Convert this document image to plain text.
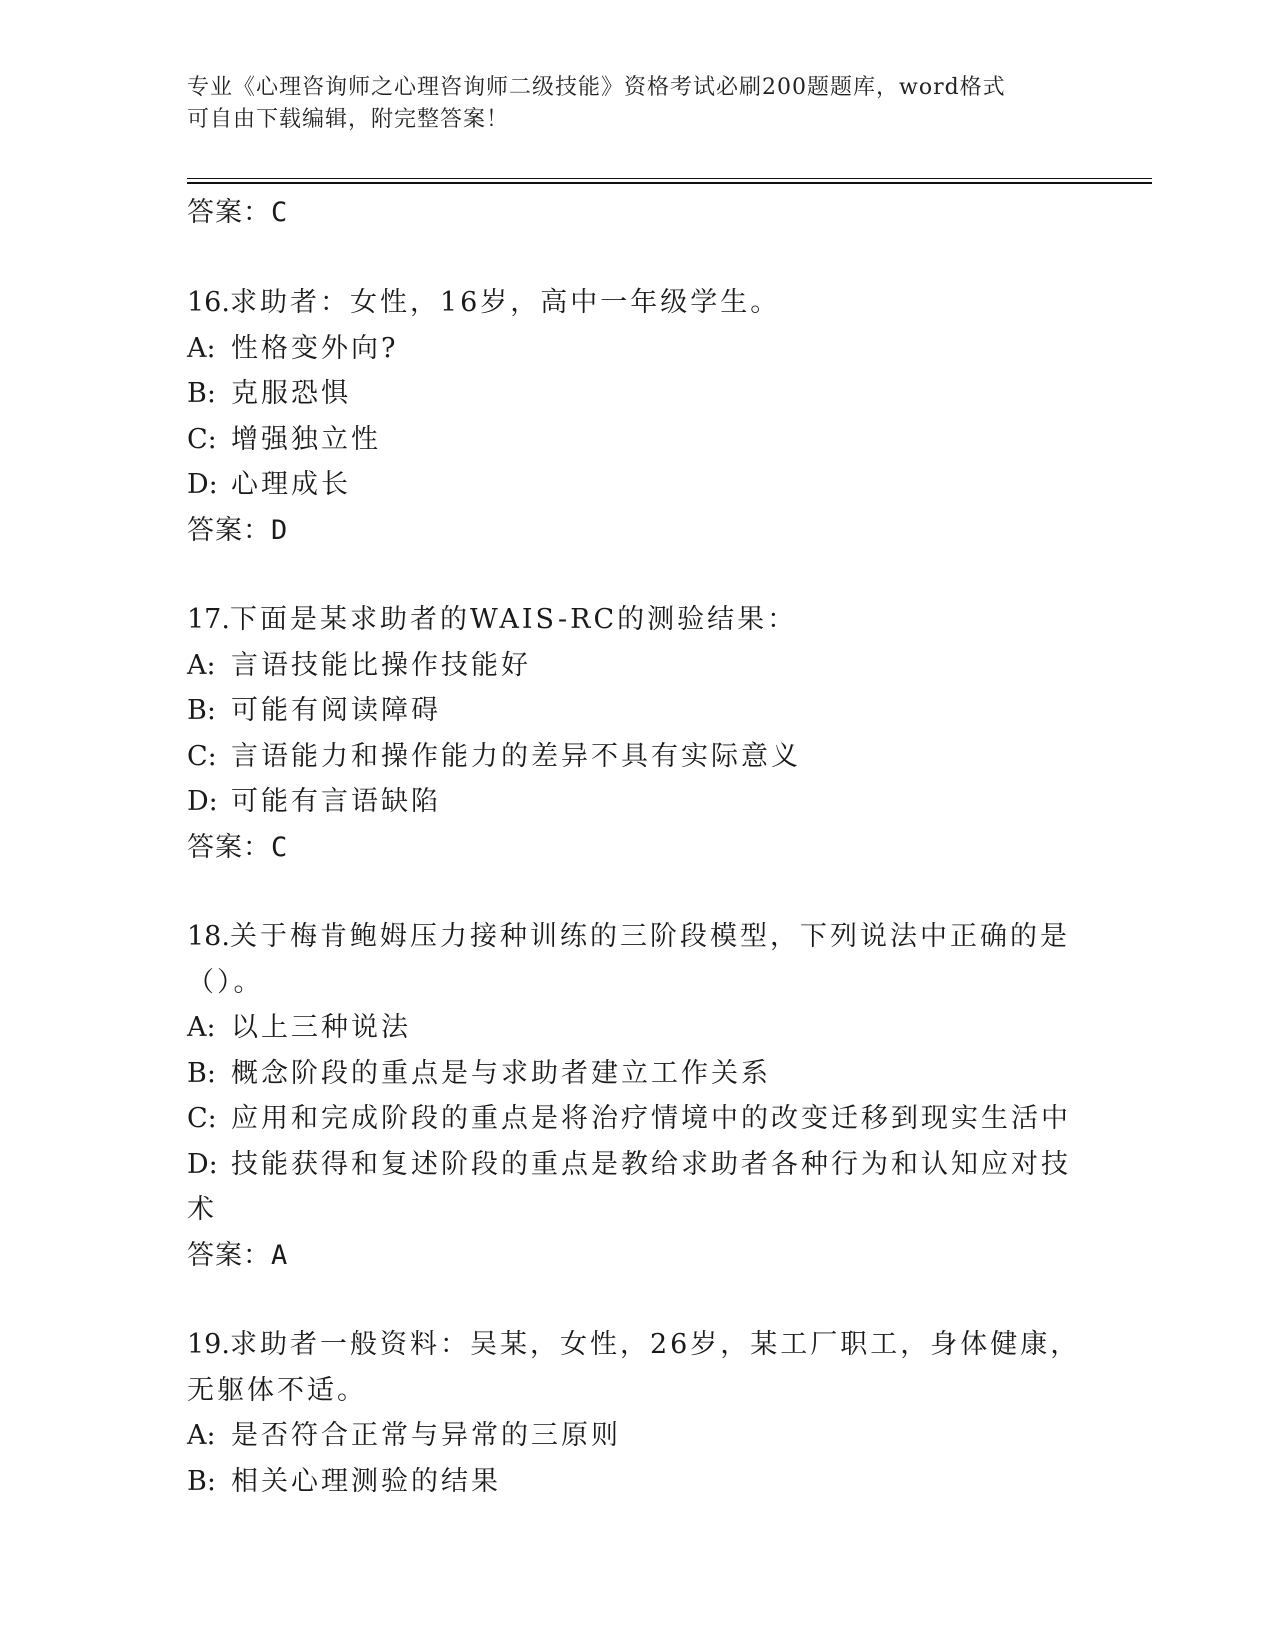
专业《心理咨询师之心理咨询师二级技能》资格考试必刷200题题库，word格式
可自由下载编辑，附完整答案！
答案：C
16.求助者：女性，16岁，高中一年级学生。
A: 性格变外向?
B: 克服恐惧
C: 增强独立性
D: 心理成长
答案：D
17.下面是某求助者的WAIS-RC的测验结果：
A: 言语技能比操作技能好
B: 可能有阅读障碍
C: 言语能力和操作能力的差异不具有实际意义
D: 可能有言语缺陷
答案：C
18.关于梅肯鲍姆压力接种训练的三阶段模型，下列说法中正确的是（）。
A: 以上三种说法
B: 概念阶段的重点是与求助者建立工作关系
C: 应用和完成阶段的重点是将治疗情境中的改变迁移到现实生活中
D: 技能获得和复述阶段的重点是教给求助者各种行为和认知应对技术
答案：A
19.求助者一般资料：吴某，女性，26岁，某工厂职工，身体健康，无躯体不适。
A: 是否符合正常与异常的三原则
B: 相关心理测验的结果
